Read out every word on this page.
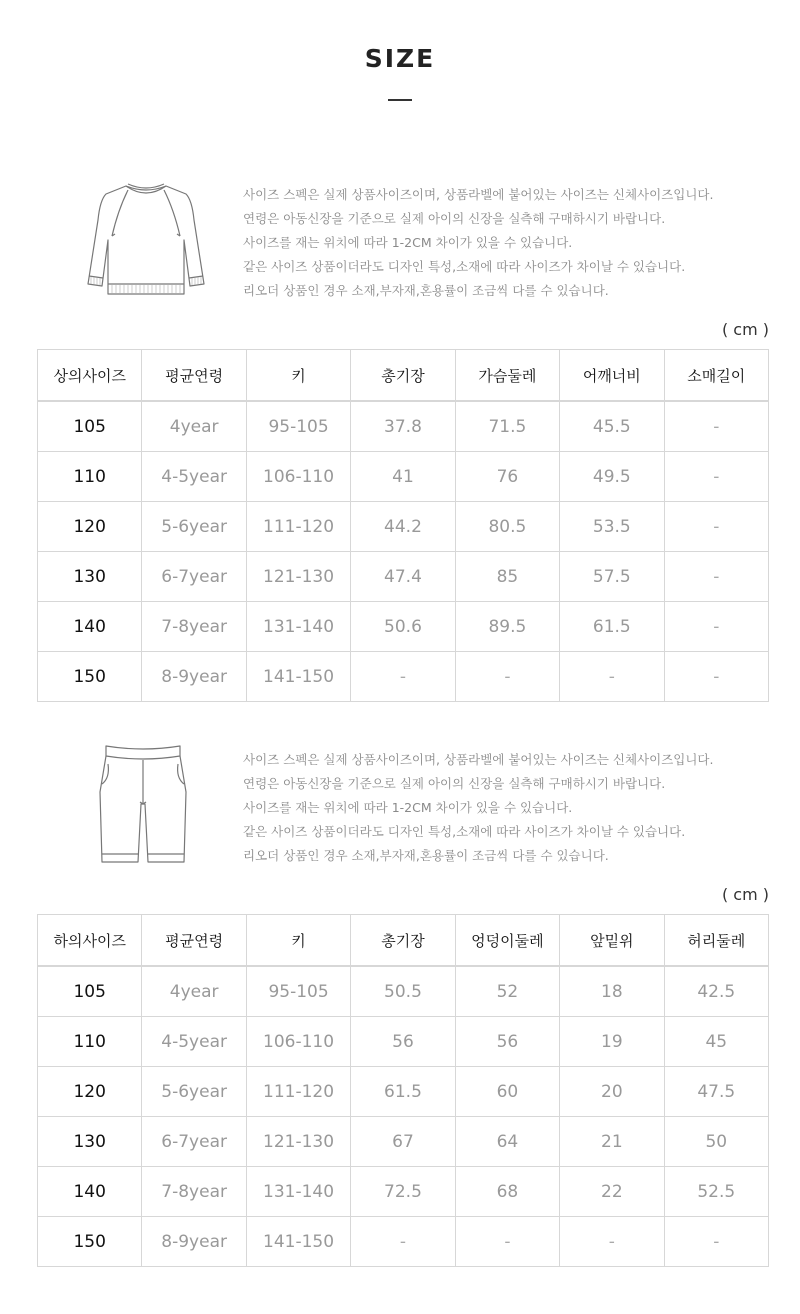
SIZE
사이즈 스펙은 실제 상품사이즈이며, 상품라벨에 붙어있는 사이즈는 신체사이즈입니다.
연령은 아동신장을 기준으로 실제 아이의 신장을 실측해 구매하시기 바랍니다.
사이즈를 재는 위치에 따라 1-2CM 차이가 있을 수 있습니다.
같은 사이즈 상품이더라도 디자인 특성,소재에 따라 사이즈가 차이날 수 있습니다.
리오더 상품인 경우 소재,부자재,혼용률이 조금씩 다를 수 있습니다.
( cm )
상의사이즈	평균연령	키	총기장	가슴둘레	어깨너비	소매길이
105	4year	95-105	37.8	71.5	45.5	-
110	4-5year	106-110	41	76	49.5	-
120	5-6year	111-120	44.2	80.5	53.5	-
130	6-7year	121-130	47.4	85	57.5	-
140	7-8year	131-140	50.6	89.5	61.5	-
150	8-9year	141-150	-	-	-	-
사이즈 스펙은 실제 상품사이즈이며, 상품라벨에 붙어있는 사이즈는 신체사이즈입니다.
연령은 아동신장을 기준으로 실제 아이의 신장을 실측해 구매하시기 바랍니다.
사이즈를 재는 위치에 따라 1-2CM 차이가 있을 수 있습니다.
같은 사이즈 상품이더라도 디자인 특성,소재에 따라 사이즈가 차이날 수 있습니다.
리오더 상품인 경우 소재,부자재,혼용률이 조금씩 다를 수 있습니다.
( cm )
하의사이즈	평균연령	키	총기장	엉덩이둘레	앞밑위	허리둘레
105	4year	95-105	50.5	52	18	42.5
110	4-5year	106-110	56	56	19	45
120	5-6year	111-120	61.5	60	20	47.5
130	6-7year	121-130	67	64	21	50
140	7-8year	131-140	72.5	68	22	52.5
150	8-9year	141-150	-	-	-	-
